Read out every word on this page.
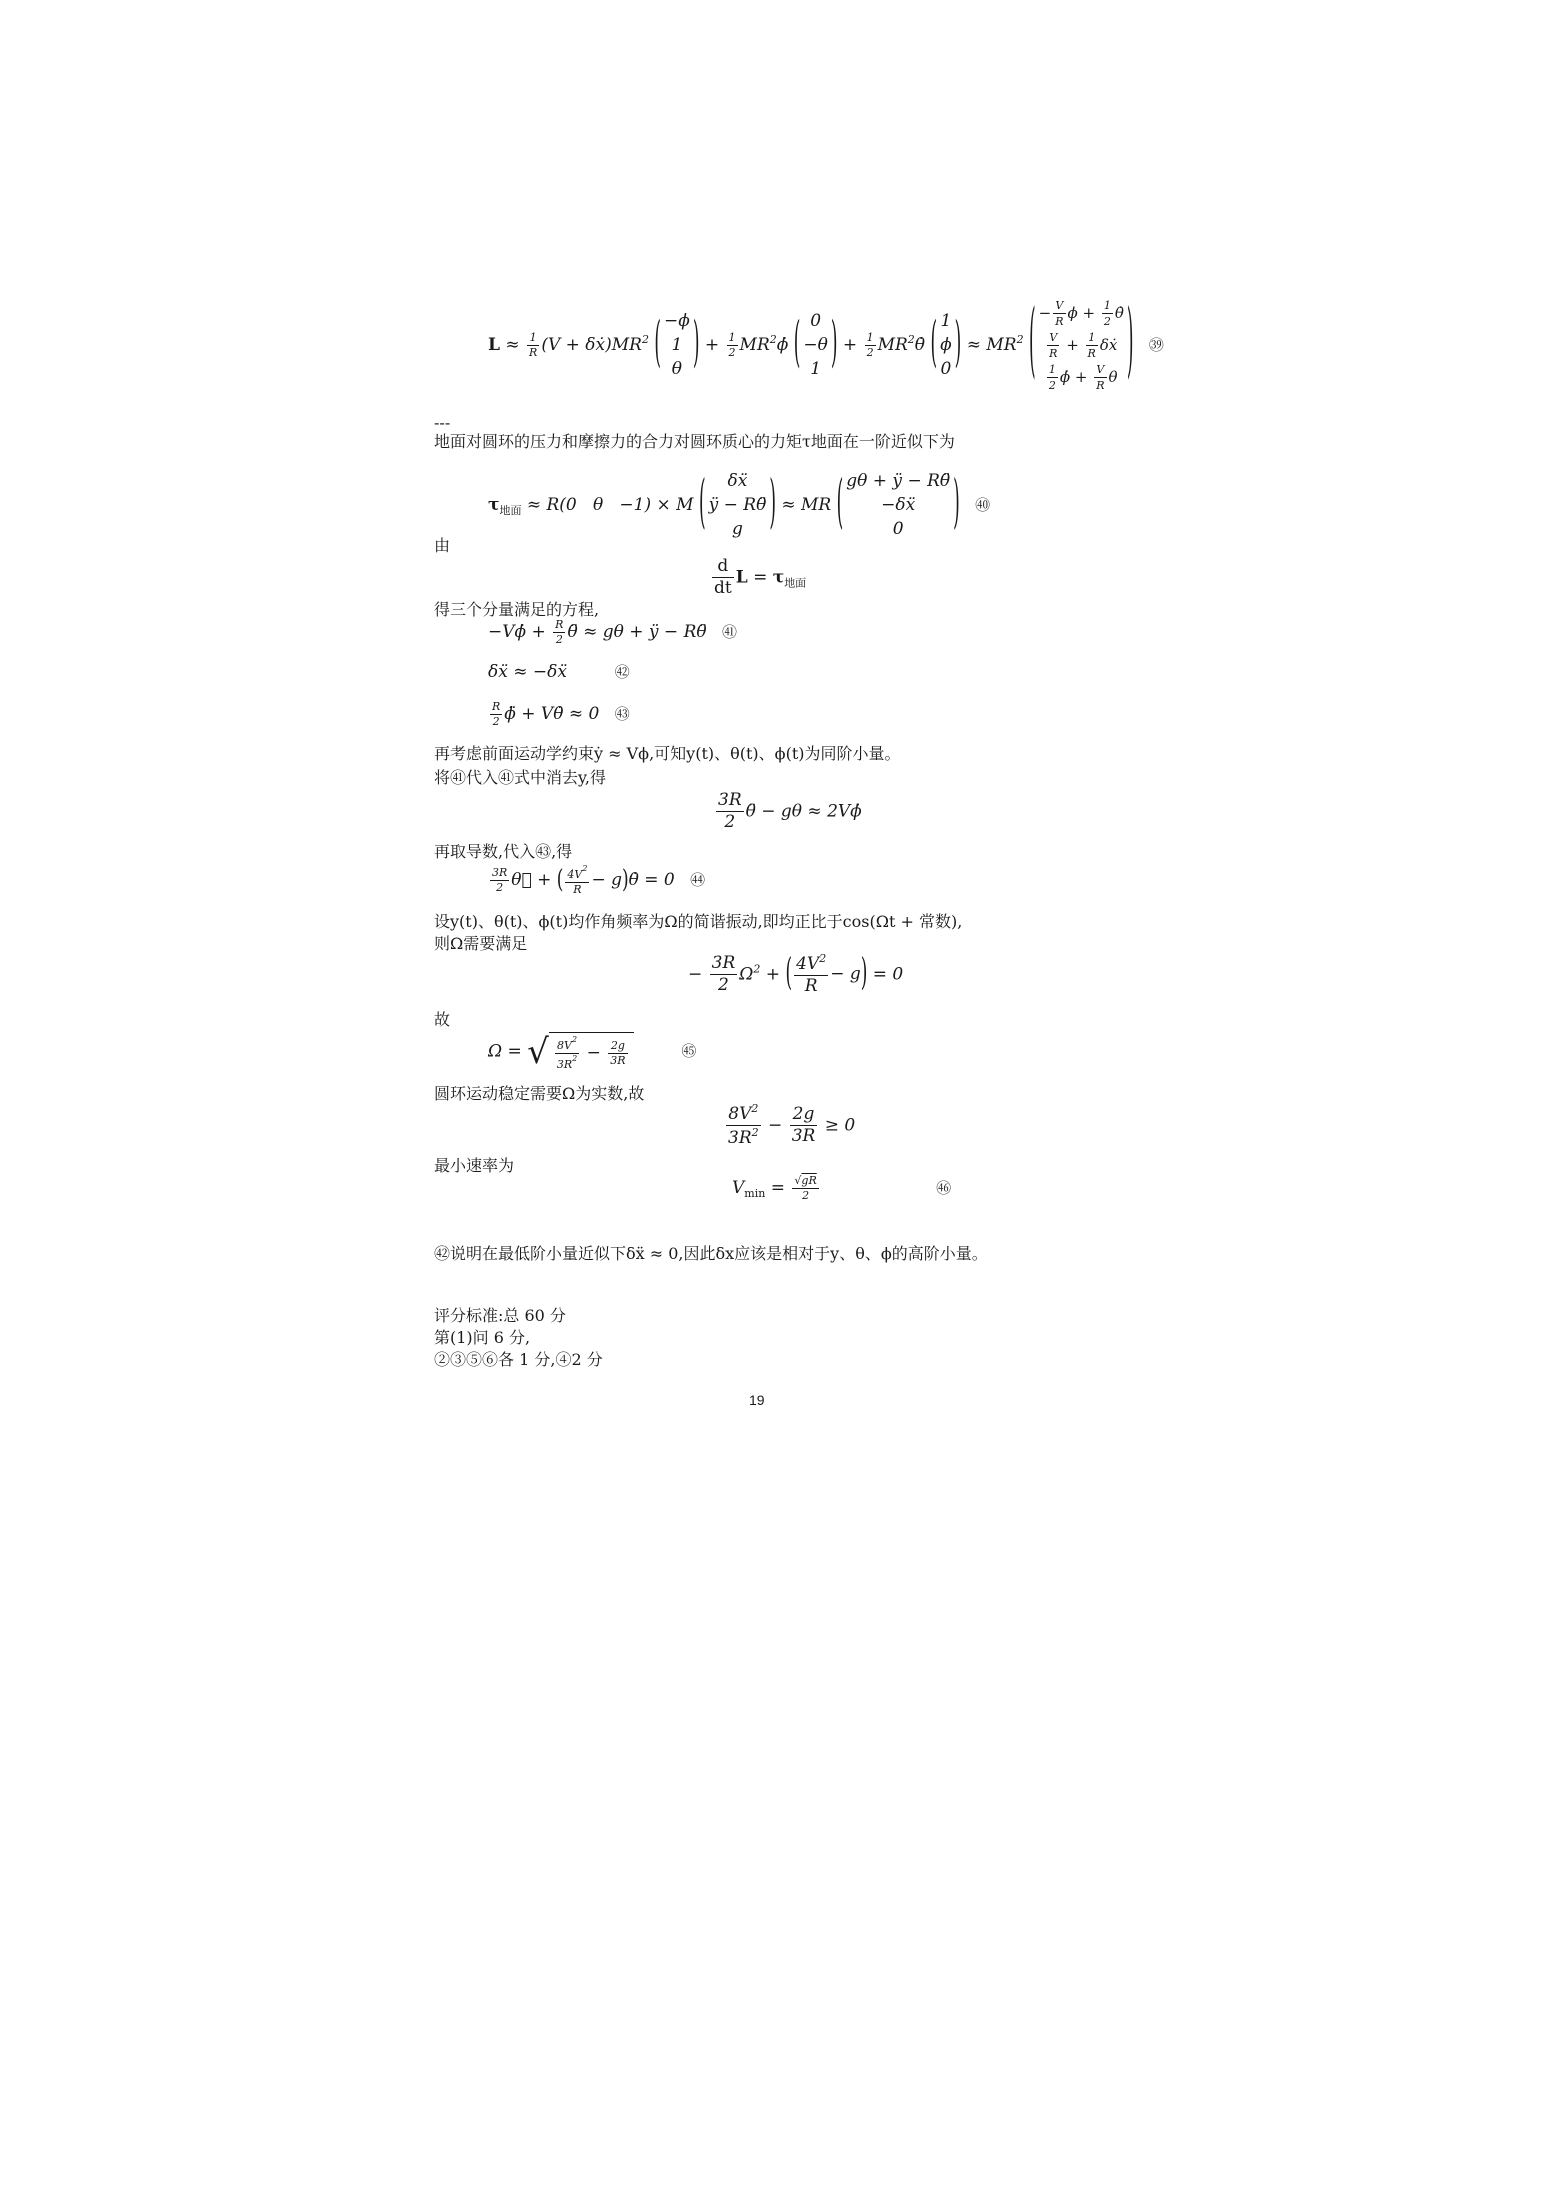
$L \approx \frac{1}{R} (V$ + $\delta ẋ)MR^2$ ( −ϕ
1
θ ) + $\frac{1}{2}$ $MR^2\phi̇$ ( 0
−θ
1 ) + $\frac{1}{2}$ $MR^2\thetȧ$ ( 1
ϕ
0 ) ≈ $MR^2$ ( − $\frac{V}{R}$ $\phi + \frac{1}{2}$ θ̇
$\frac{V}{R} + \frac{1}{R}$ δẋ
$\frac{1}{2}$ ϕ̇ + $\frac{V}{R}$ θ ) ㊴
---
地面对圆环的压力和摩擦力的合力对圆环质心的力矩τ地面在一阶近似下为
$\tau_{地面} \approx R(0$   θ   −1) × M ( δẍ
ÿ − Rθ̈
g ) ≈ MR ( gθ + ÿ − Rθ̈
−δẍ
0	) ㊵
由
$\frac{d}{dt}$ $L = \tau_{地面}$
得三个分量满足的方程,
−Vϕ̇ + $\frac{R}{2}$ θ̈ ≈ gθ + ÿ − Rθ̈ ㊶
δẍ ≈ −δẍ       ㊷
$\frac{R}{2}$ ϕ̈ + Vθ̇ ≈ 0 ㊸
再考虑前面运动学约束ẏ ≈ Vϕ,可知y(t)、θ(t)、ϕ(t)为同阶小量。
将㊶代入㊶式中消去y,得
$\frac{3R}{2}$ θ̈ − gθ ≈ 2Vϕ̇
再取导数,代入㊸,得
$\frac{3R}{2}$ θ⃛ + ( $\frac{4V^2}{R} - g$ ) θ̇ = 0 ㊹
设y(t)、θ(t)、ϕ(t)均作角频率为Ω的简谐振动,即均正比于cos(Ωt + 常数),
则Ω需要满足
− $\frac{3R}{2} \Omega^2$ + ( $\frac{4V^2}{R} - g$ ) = 0
故
Ω = √ $\frac{8V^2}{3R^2} - \frac{2g}{3R}$	㊺
圆环运动稳定需要Ω为实数,故
$\frac{8V^2}{3R^2} - \frac{2g}{3R} \ge 0$
最小速率为
$V_{min} = \frac{√gR}{2}$	㊻
㊷说明在最低阶小量近似下δẍ ≈ 0,因此δx应该是相对于y、θ、ϕ的高阶小量。
评分标准:总 60 分
第(1)问 6 分,
②③⑤⑥各 1 分,④2 分
19
